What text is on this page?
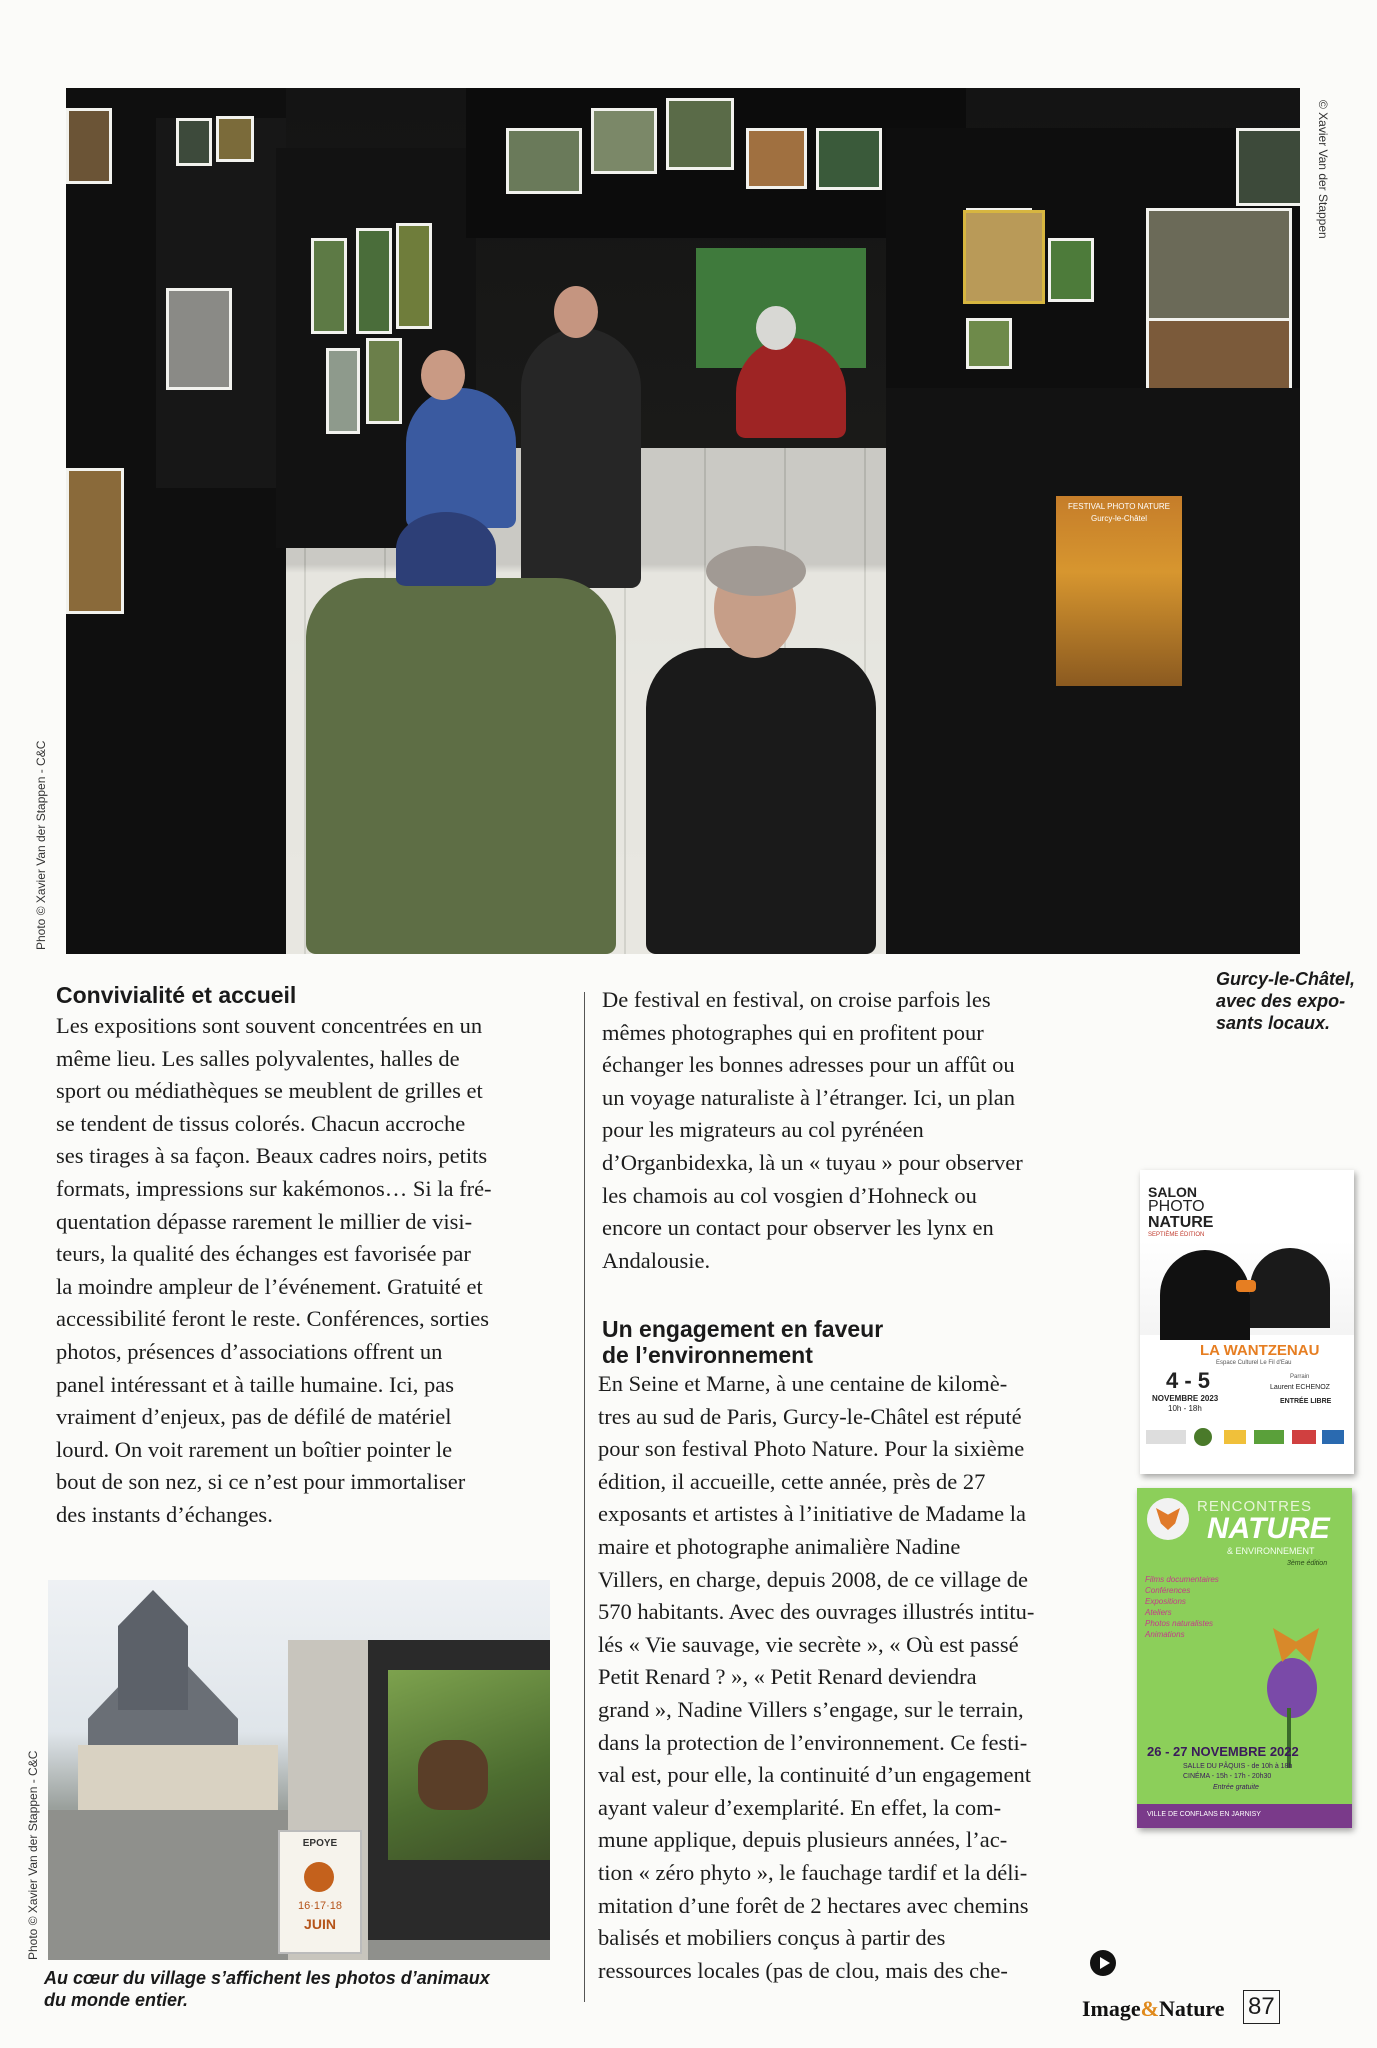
FESTIVAL PHOTO NATURE
Gurcy-le-Châtel
© Xavier Van der Stappen
Photo © Xavier Van der Stappen - C&C
Gurcy-le-Châtel,
avec des expo-
sants locaux.
Convivialité et accueil
Les expositions sont souvent concentrées en un
même lieu. Les salles polyvalentes, halles de
sport ou médiathèques se meublent de grilles et
se tendent de tissus colorés. Chacun accroche
ses tirages à sa façon. Beaux cadres noirs, petits
formats, impressions sur kakémonos… Si la fré-
quentation dépasse rarement le millier de visi-
teurs, la qualité des échanges est favorisée par
la moindre ampleur de l’événement. Gratuité et
accessibilité feront le reste. Conférences, sorties
photos, présences d’associations offrent un
panel intéressant et à taille humaine. Ici, pas
vraiment d’enjeux, pas de défilé de matériel
lourd. On voit rarement un boîtier pointer le
bout de son nez, si ce n’est pour immortaliser
des instants d’échanges.
EPOYE
16·17·18
JUIN
Photo © Xavier Van der Stappen - C&C
Au cœur du village s’affichent les photos d’animaux
du monde entier.
De festival en festival, on croise parfois les
mêmes photographes qui en profitent pour
échanger les bonnes adresses pour un affût ou
un voyage naturaliste à l’étranger. Ici, un plan
pour les migrateurs au col pyrénéen
d’Organbidexka, là un « tuyau » pour observer
les chamois au col vosgien d’Hohneck ou
encore un contact pour observer les lynx en
Andalousie.
Un engagement en faveur
de l’environnement
En Seine et Marne, à une centaine de kilomè-
tres au sud de Paris, Gurcy-le-Châtel est réputé
pour son festival Photo Nature. Pour la sixième
édition, il accueille, cette année, près de 27
exposants et artistes à l’initiative de Madame la
maire et photographe animalière Nadine
Villers, en charge, depuis 2008, de ce village de
570 habitants. Avec des ouvrages illustrés intitu-
lés « Vie sauvage, vie secrète », « Où est passé
Petit Renard ? », « Petit Renard deviendra
grand », Nadine Villers s’engage, sur le terrain,
dans la protection de l’environnement. Ce festi-
val est, pour elle, la continuité d’un engagement
ayant valeur d’exemplarité. En effet, la com-
mune applique, depuis plusieurs années, l’ac-
tion « zéro phyto », le fauchage tardif et la déli-
mitation d’une forêt de 2 hectares avec chemins
balisés et mobiliers conçus à partir des
ressources locales (pas de clou, mais des che-
SALON
PHOTO
NATURE
SEPTIÈME ÉDITION
LA WANTZENAU
Espace Culturel Le Fil d'Eau
4 - 5
NOVEMBRE 2023
10h - 18h
Parrain
Laurent ECHENOZ
ENTRÉE LIBRE
RENCONTRES
NATURE
& ENVIRONNEMENT
3ème édition
Films documentaires
Conférences
Expositions
Ateliers
Photos naturalistes
Animations
26 - 27 NOVEMBRE 2022
SALLE DU PÂQUIS - de 10h à 18h
CINÉMA - 15h - 17h - 20h30
Entrée gratuite
VILLE DE CONFLANS EN JARNISY
Image&Nature 87
